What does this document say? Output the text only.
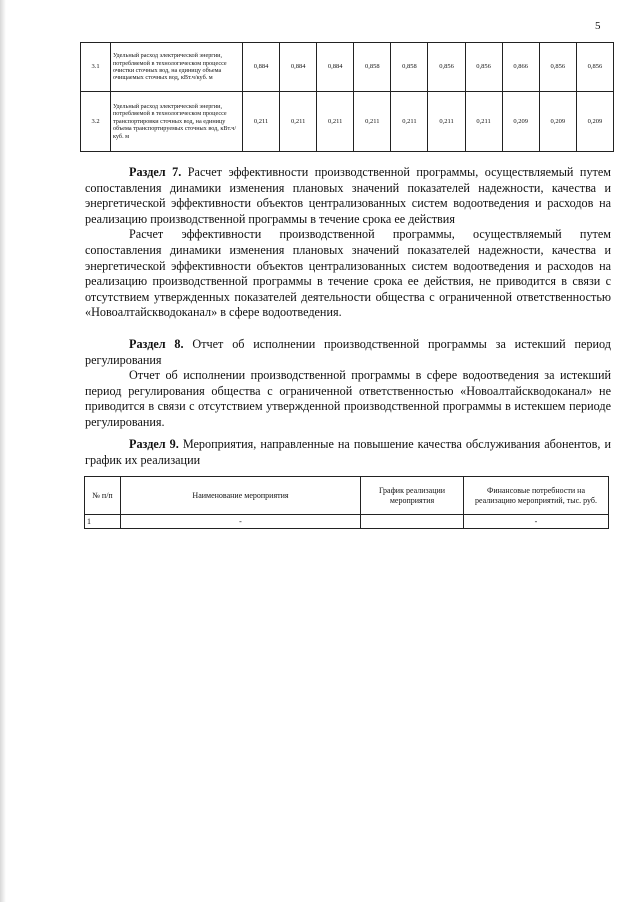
5
3.1	Удельный расход электрической энергии, потребляемой в технологическом процессе очистки сточных вод, на единицу объема очищаемых сточных вод, кВт.ч/куб. м	0,884	0,884	0,884	0,858	0,858	0,856	0,856	0,866	0,856	0,856
3.2	Удельный расход электрической энергии, потребляемой в технологическом процессе транспортировки сточных вод, на единицу объема транспортируемых сточных вод, кВт.ч/куб. м	0,211	0,211	0,211	0,211	0,211	0,211	0,211	0,209	0,209	0,209

Раздел 7. Расчет эффективности производственной программы, осуществляемый путем сопоставления динамики изменения плановых значений показателей надежности, качества и энергетической эффективности объектов централизованных систем водоотведения и расходов на реализацию производственной программы в течение срока ее действия

Расчет эффективности производственной программы, осуществляемый путем сопоставления динамики изменения плановых значений показателей надежности, качества и энергетической эффективности объектов централизованных систем водоотведения и расходов на реализацию производственной программы в течение срока ее действия, не приводится в связи с отсутствием утвержденных показателей деятельности общества с ограниченной ответственностью «Новоалтайскводоканал» в сфере водоотведения.

Раздел 8. Отчет об исполнении производственной программы за истекший период регулирования

Отчет об исполнении производственной программы в сфере водоотведения за истекший период регулирования общества с ограниченной ответственностью «Новоалтайскводоканал» не приводится в связи с отсутствием утвержденной производственной программы в истекшем периоде регулирования.

Раздел 9. Мероприятия, направленные на повышение качества обслуживания абонентов, и график их реализации

№ п/п	Наименование мероприятия	График реализации мероприятия	Финансовые потребности на реализацию мероприятий, тыс. руб.
1	-		-
